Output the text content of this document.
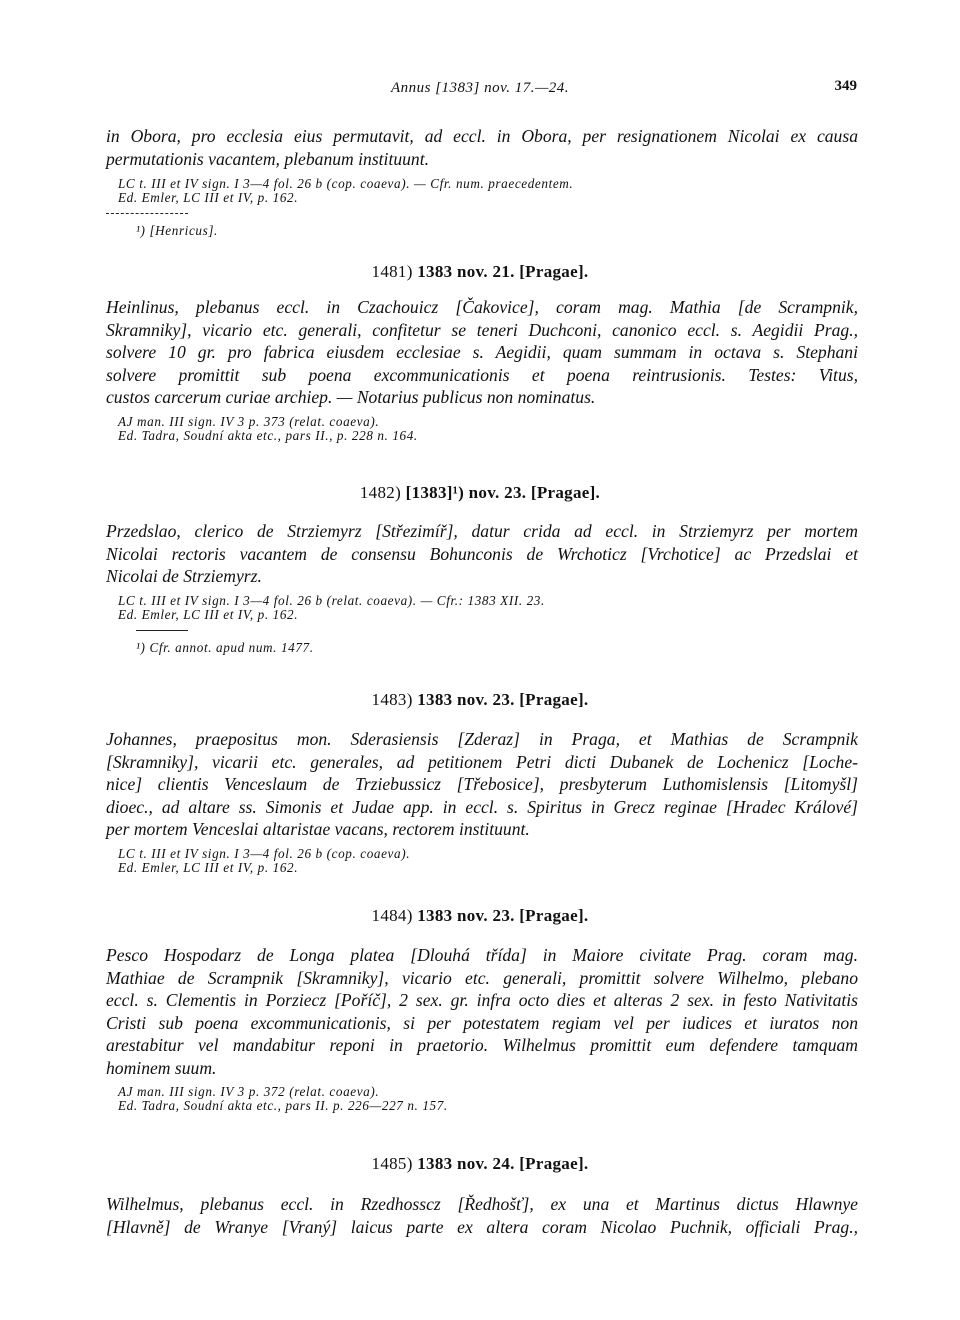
Annus [1383] nov. 17.—24.	349

in Obora, pro ecclesia eius permutavit, ad eccl. in Obora, per resignationem Nicolai ex causa
permutationis vacantem, plebanum instituunt.

LC t. III et IV sign. I 3—4 fol. 26 b (cop. coaeva). — Cfr. num. praecedentem.
Ed. Emler, LC III et IV, p. 162.
¹) [Henricus].
1481) 1383 nov. 21. [Pragae].

Heinlinus, plebanus eccl. in Czachouicz [Čakovice], coram mag. Mathia [de Scrampnik,
Skramniky], vicario etc. generali, confitetur se teneri Duchconi, canonico eccl. s. Aegidii Prag.,
solvere 10 gr. pro fabrica eiusdem ecclesiae s. Aegidii, quam summam in octava s. Stephani
solvere promittit sub poena excommunicationis et poena reintrusionis. Testes: Vitus,
custos carcerum curiae archiep. — Notarius publicus non nominatus.

AJ man. III sign. IV 3 p. 373 (relat. coaeva).
Ed. Tadra, Soudní akta etc., pars II., p. 228 n. 164.
1482) [1383]¹) nov. 23. [Pragae].

Przedslao, clerico de Strziemyrz [Střezimíř], datur crida ad eccl. in Strziemyrz per mortem
Nicolai rectoris vacantem de consensu Bohunconis de Wrchoticz [Vrchotice] ac Przedslai et
Nicolai de Strziemyrz.

LC t. III et IV sign. I 3—4 fol. 26 b (relat. coaeva). — Cfr.: 1383 XII. 23.
Ed. Emler, LC III et IV, p. 162.
¹) Cfr. annot. apud num. 1477.
1483) 1383 nov. 23. [Pragae].

Johannes, praepositus mon. Sderasiensis [Zderaz] in Praga, et Mathias de Scrampnik
[Skramniky], vicarii etc. generales, ad petitionem Petri dicti Dubanek de Lochenicz [Loche-
nice] clientis Venceslaum de Trziebussicz [Třebosice], presbyterum Luthomislensis [Litomyšl]
dioec., ad altare ss. Simonis et Judae app. in eccl. s. Spiritus in Grecz reginae [Hradec Králové]
per mortem Venceslai altaristae vacans, rectorem instituunt.

LC t. III et IV sign. I 3—4 fol. 26 b (cop. coaeva).
Ed. Emler, LC III et IV, p. 162.
1484) 1383 nov. 23. [Pragae].

Pesco Hospodarz de Longa platea [Dlouhá třída] in Maiore civitate Prag. coram mag.
Mathiae de Scrampnik [Skramniky], vicario etc. generali, promittit solvere Wilhelmo, plebano
eccl. s. Clementis in Porziecz [Poříč], 2 sex. gr. infra octo dies et alteras 2 sex. in festo Nativitatis
Cristi sub poena excommunicationis, si per potestatem regiam vel per iudices et iuratos non
arestabitur vel mandabitur reponi in praetorio. Wilhelmus promittit eum defendere tamquam
hominem suum.

AJ man. III sign. IV 3 p. 372 (relat. coaeva).
Ed. Tadra, Soudní akta etc., pars II. p. 226—227 n. 157.
1485) 1383 nov. 24. [Pragae].

Wilhelmus, plebanus eccl. in Rzedhosscz [Ředhošť], ex una et Martinus dictus Hlawnye
[Hlavně] de Wranye [Vraný] laicus parte ex altera coram Nicolao Puchnik, officiali Prag.,
